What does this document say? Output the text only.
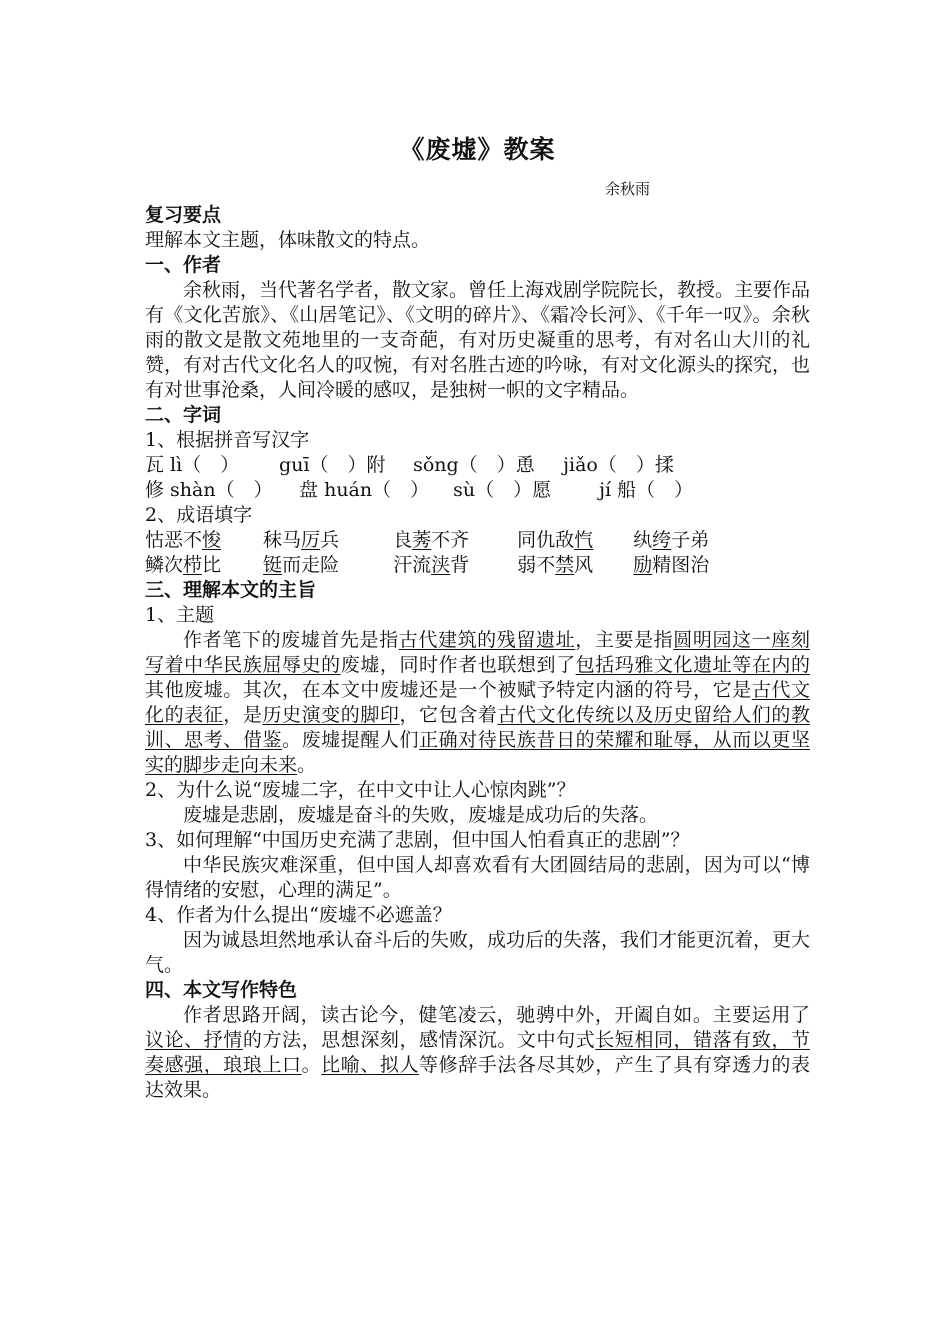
《废墟》教案
余秋雨
复习要点
理解本文主题，体味散文的特点。
一、作者
余秋雨，当代著名学者，散文家。曾任上海戏剧学院院长，教授。主要作品有《文化苦旅》、《山居笔记》、《文明的碎片》、《霜冷长河》、《千年一叹》。余秋雨的散文是散文苑地里的一支奇葩，有对历史凝重的思考，有对名山大川的礼赞，有对古代文化名人的叹惋，有对名胜古迹的吟咏，有对文化源头的探究，也有对世事沧桑，人间冷暖的感叹，是独树一帜的文字精品。
二、字词
1、根据拼音写汉字
瓦 lì（　） guī（　）附 sǒng（　）恿 jiǎo（　）揉
修 shàn（　） 盘 huán（　） sù（　）愿	jí 船（　）
2、成语填字
怙恶不悛 秣马厉兵	良莠不齐	同仇敌忾 纨绔子弟
鳞次栉比 铤而走险	汗流浃背	弱不禁风 励精图治
三、理解本文的主旨
1、主题
作者笔下的废墟首先是指古代建筑的残留遗址，主要是指圆明园这一座刻写着中华民族屈辱史的废墟，同时作者也联想到了包括玛雅文化遗址等在内的其他废墟。其次，在本文中废墟还是一个被赋予特定内涵的符号，它是古代文化的表征，是历史演变的脚印，它包含着古代文化传统以及历史留给人们的教训、思考、借鉴。废墟提醒人们正确对待民族昔日的荣耀和耻辱，从而以更坚实的脚步走向未来。
2、为什么说“废墟二字，在中文中让人心惊肉跳”？
废墟是悲剧，废墟是奋斗的失败，废墟是成功后的失落。
3、如何理解“中国历史充满了悲剧，但中国人怕看真正的悲剧”？
中华民族灾难深重，但中国人却喜欢看有大团圆结局的悲剧，因为可以“博得情绪的安慰，心理的满足”。
4、作者为什么提出“废墟不必遮盖？
因为诚恳坦然地承认奋斗后的失败，成功后的失落，我们才能更沉着，更大气。
四、本文写作特色
作者思路开阔，读古论今，健笔凌云，驰骋中外，开阖自如。主要运用了议论、抒情的方法，思想深刻，感情深沉。文中句式长短相同，错落有致，节奏感强，琅琅上口。比喻、拟人等修辞手法各尽其妙，产生了具有穿透力的表达效果。
